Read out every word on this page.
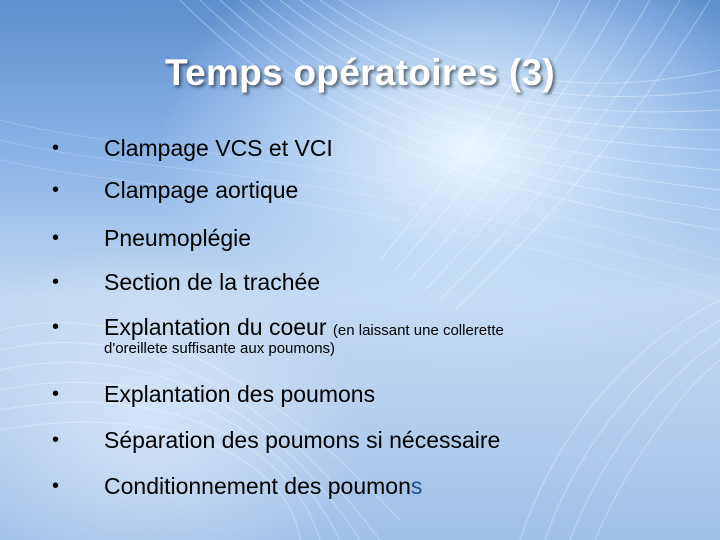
Temps opératoires (3)
•	Clampage VCS et VCI
•	Clampage aortique
•	Pneumoplégie
•	Section de la trachée
•	Explantation du coeur (en laissant une collerette
d'oreillete suffisante aux poumons)
•	Explantation des poumons
•	Séparation des poumons si nécessaire
•	Conditionnement des poumons
